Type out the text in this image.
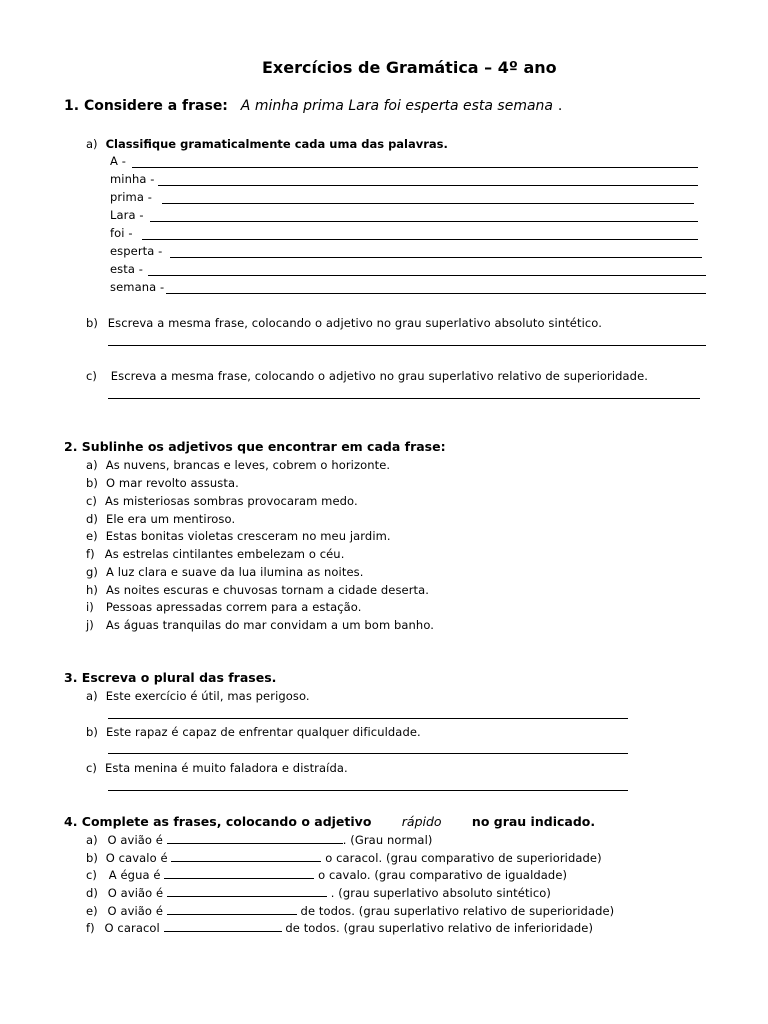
Exercícios de Gramática – 4º ano
1. Considere a frase: A minha prima Lara foi esperta esta semana .
a) Classifique gramaticalmente cada uma das palavras.
A -
minha -
prima -
Lara -
foi -
esperta -
esta -
semana -
b) Escreva a mesma frase, colocando o adjetivo no grau superlativo absoluto sintético.
c) Escreva a mesma frase, colocando o adjetivo no grau superlativo relativo de superioridade.
2. Sublinhe os adjetivos que encontrar em cada frase:
a) As nuvens, brancas e leves, cobrem o horizonte.
b) O mar revolto assusta.
c) As misteriosas sombras provocaram medo.
d) Ele era um mentiroso.
e) Estas bonitas violetas cresceram no meu jardim.
f) As estrelas cintilantes embelezam o céu.
g) A luz clara e suave da lua ilumina as noites.
h) As noites escuras e chuvosas tornam a cidade deserta.
i) Pessoas apressadas correm para a estação.
j) As águas tranquilas do mar convidam a um bom banho.
3. Escreva o plural das frases.
a) Este exercício é útil, mas perigoso.
b) Este rapaz é capaz de enfrentar qualquer dificuldade.
c) Esta menina é muito faladora e distraída.
4. Complete as frases, colocando o adjetivo rápido no grau indicado.
a) O avião é	. (Grau normal)
b) O cavalo é	o caracol. (grau comparativo de superioridade)
c) A égua é	o cavalo. (grau comparativo de igualdade)
d) O avião é	. (grau superlativo absoluto sintético)
e) O avião é	de todos. (grau superlativo relativo de superioridade)
f) O caracol	de todos. (grau superlativo relativo de inferioridade)
